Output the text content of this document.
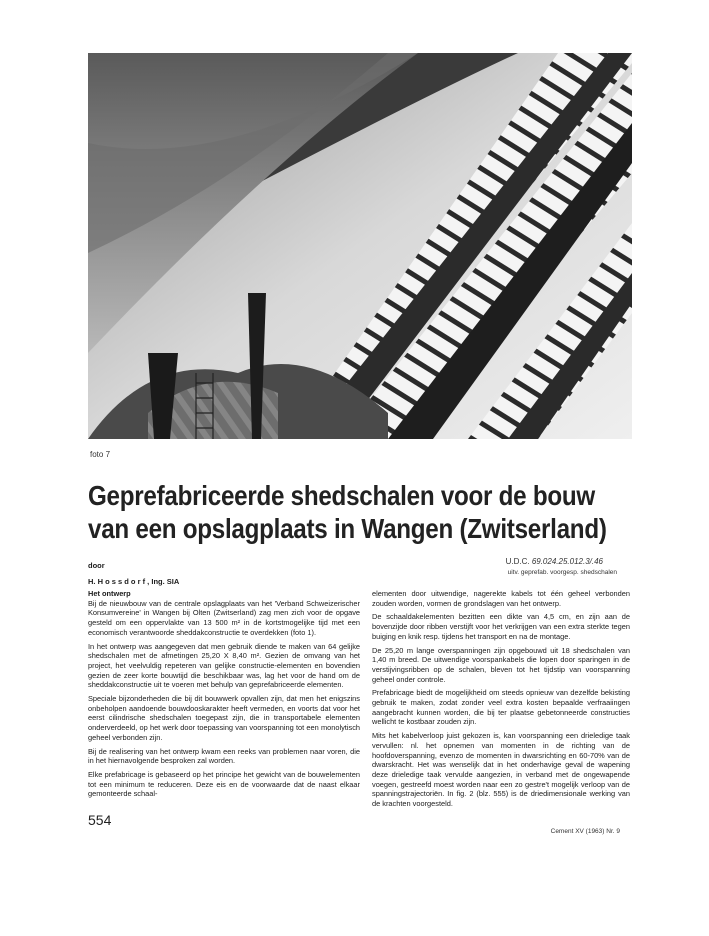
foto 7
Geprefabriceerde shedschalen voor de bouw
van een opslagplaats in Wangen (Zwitserland)
U.D.C. 69.024.25.012.3/.46
uitv. geprefab. voorgesp. shedschalen
door
H. H o s s d o r f , Ing. SIA
Het ontwerp

Bij de nieuwbouw van de centrale opslagplaats van het 'Verband Schweizerischer Konsumvereine' in Wangen bij Olten (Zwitserland) zag men zich voor de opgave gesteld om een oppervlakte van 13 500 m² in de kortstmogelijke tijd met een economisch verantwoorde sheddakconstructie te overdekken (foto 1).

In het ontwerp was aangegeven dat men gebruik diende te maken van 64 gelijke shedschalen met de afmetingen 25,20 X 8,40 m². Gezien de omvang van het project, het veelvuldig repeteren van gelijke constructie-elementen en bovendien gezien de zeer korte bouwtijd die beschikbaar was, lag het voor de hand om de sheddakconstructie uit te voeren met behulp van geprefabriceerde elementen.

Speciale bijzonderheden die bij dit bouwwerk opvallen zijn, dat men het enigszins onbeholpen aandoende bouwdooskarakter heeft vermeden, en voorts dat voor het eerst cilindrische shedschalen toegepast zijn, die in transportabele elementen onderverdeeld, op het werk door toepassing van voorspanning tot een monolytisch geheel verbonden zijn.

Bij de realisering van het ontwerp kwam een reeks van problemen naar voren, die in het hiernavolgende besproken zal worden.

Elke prefabricage is gebaseerd op het principe het gewicht van de bouwelementen tot een minimum te reduceren. Deze eis en de voorwaarde dat de naast elkaar gemonteerde schaal-

elementen door uitwendige, nagerekte kabels tot één geheel verbonden zouden worden, vormen de grondslagen van het ontwerp.

De schaaldakelementen bezitten een dikte van 4,5 cm, en zijn aan de bovenzijde door ribben verstijft voor het verkrijgen van een extra sterkte tegen buiging en knik resp. tijdens het transport en na de montage.

De 25,20 m lange overspanningen zijn opgebouwd uit 18 shedschalen van 1,40 m breed. De uitwendige voorspankabels die lopen door sparingen in de verstijvingsribben op de schalen, bleven tot het tijdstip van voorspanning geheel onder controle.

Prefabricage biedt de mogelijkheid om steeds opnieuw van dezelfde bekisting gebruik te maken, zodat zonder veel extra kosten bepaalde verfraaiingen aangebracht kunnen worden, die bij ter plaatse gebetonneerde constructies wellicht te kostbaar zouden zijn.

Mits het kabelverloop juist gekozen is, kan voorspanning een drieledige taak vervullen: nl. het opnemen van momenten in de richting van de hoofdoverspanning, evenzo de momenten in dwarsrichting en 60-70% van de dwarskracht. Het was wenselijk dat in het onderhavige geval de wapening deze drieledige taak vervulde aangezien, in verband met de ongewapende voegen, gestreefd moest worden naar een zo gestre't mogelijk verloop van de spanningstrajectoriën. In fig. 2 (blz. 555) is de driedimensionale werking van de krachten voorgesteld.

554
Cement XV (1963) Nr. 9
